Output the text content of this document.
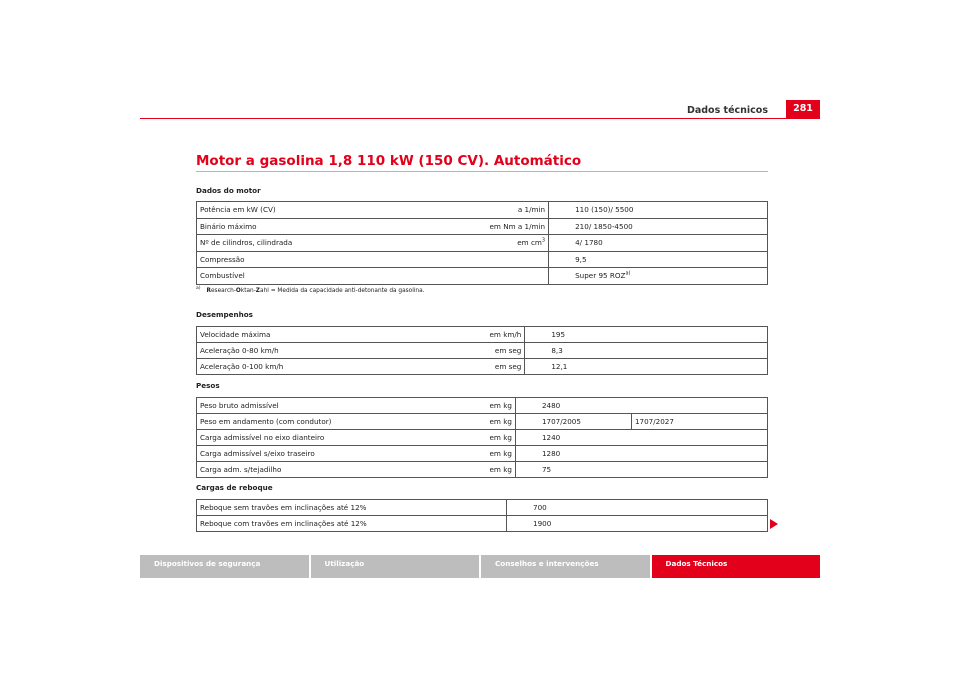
Dados técnicos	281
Motor a gasolina 1,8 110 kW (150 CV). Automático
Dados do motor
Potência em kW (CV)	a 1/min	110 (150)/ 5500
Binário máximo	em Nm a 1/min	210/ 1850-4500
Nº de cilindros, cilindrada	em $cm^3$	4/ 1780
Compressão		9,5
Combustível		Super 95 ROZ$^{a)}$
$^{a)}$ Research-Oktan-Zahl = Medida da capacidade anti-detonante da gasolina.
Desempenhos
Velocidade máxima	em km/h	195
Aceleração 0-80 km/h	em seg	8,3
Aceleração 0-100 km/h	em seg	12,1
Pesos
Peso bruto admissível	em kg	2480	
Peso em andamento (com condutor)	em kg	1707/2005	1707/2027
Carga admissível no eixo dianteiro	em kg	1240	
Carga admissível s/eixo traseiro	em kg	1280	
Carga adm. s/tejadilho	em kg	75	
Cargas de reboque
Reboque sem travões em inclinações até 12%		700
Reboque com travões em inclinações até 12%		1900
Dispositivos de segurança	Utilização	Conselhos e intervenções	Dados Técnicos
